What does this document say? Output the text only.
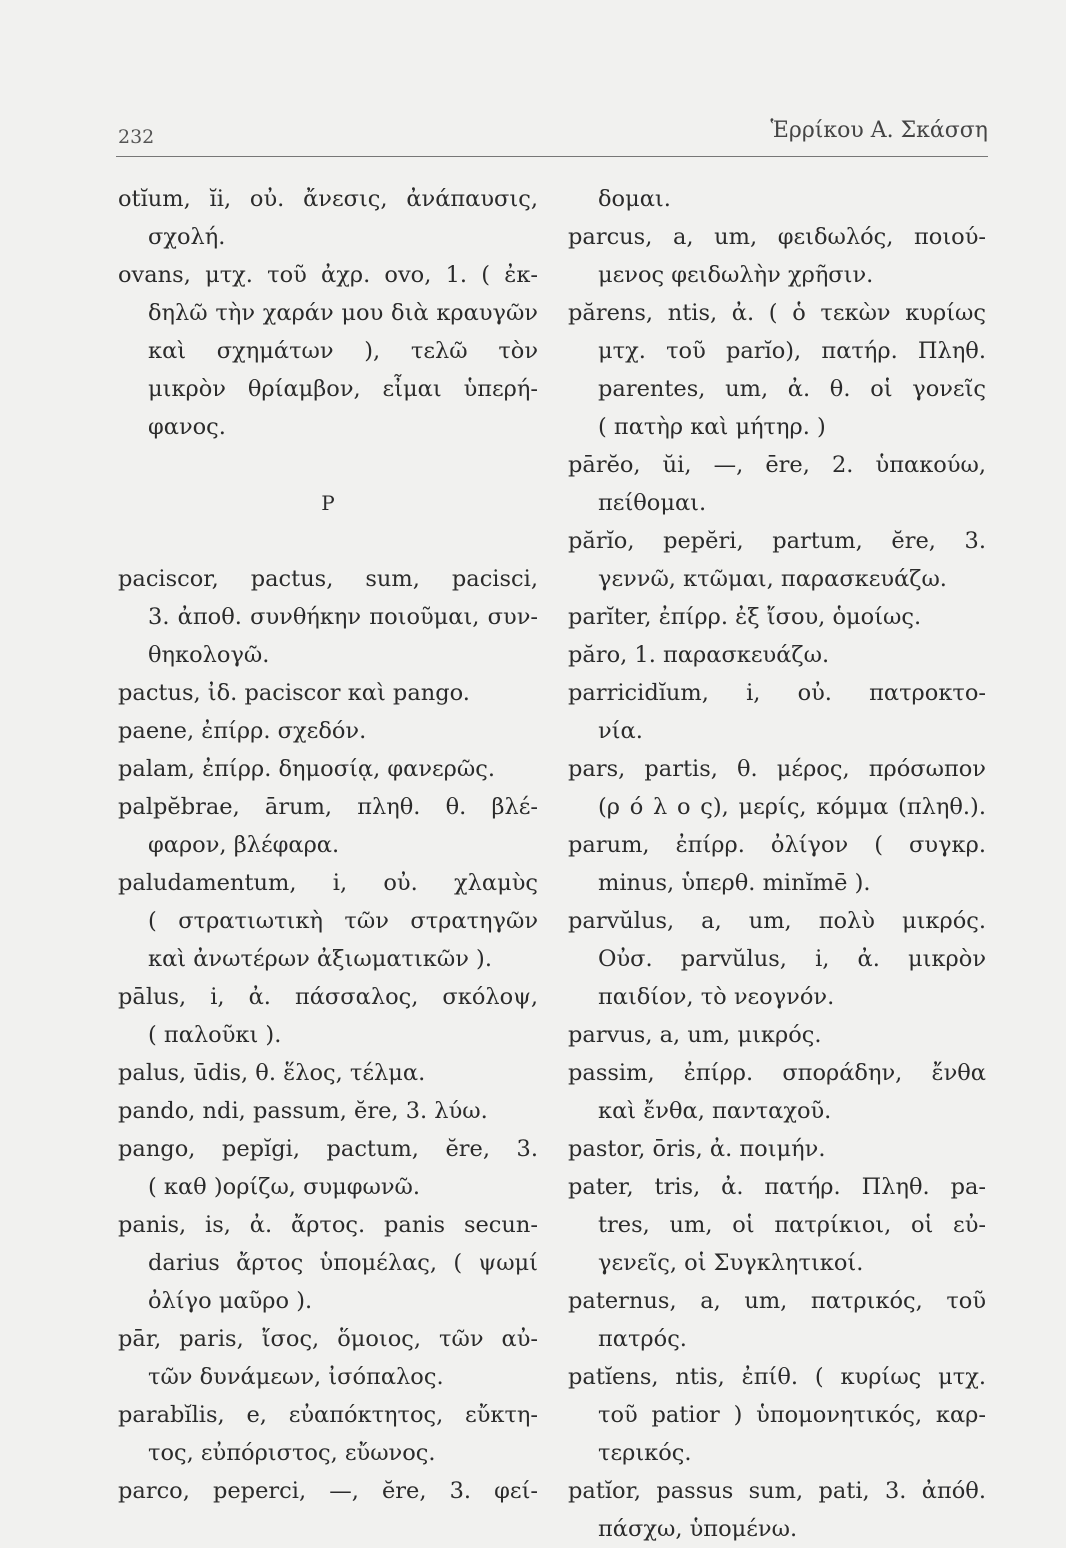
232	Ἑρρίκου Α. Σκάσση
otĭum, ĭi, οὐ. ἄνεσις, ἀνάπαυσις,
σχολή.
ovans, μτχ. τοῦ ἀχρ. ovo, 1. ( ἐκ-
δηλῶ τὴν χαράν μου διὰ κραυγῶν
καὶ σχημάτων ), τελῶ τὸν
μικρὸν θρίαμβον, εἶμαι ὑπερή-
φανος.
P
paciscor, pactus, sum, pacisci,
3. ἀποθ. συνθήκην ποιοῦμαι, συν-
θηκολογῶ.
pactus, ἰδ. paciscor καὶ pango.
paene, ἐπίρρ. σχεδόν.
palam, ἐπίρρ. δημοσίᾳ, φανερῶς.
palpĕbrae, ārum, πληθ. θ. βλέ-
φαρον, βλέφαρα.
paludamentum, i, οὐ. χλαμὺς
( στρατιωτικὴ τῶν στρατηγῶν
καὶ ἀνωτέρων ἀξιωματικῶν ).
pālus, i, ἀ. πάσσαλος, σκόλοψ,
( παλοῦκι ).
palus, ūdis, θ. ἕλος, τέλμα.
pando, ndi, passum, ĕre, 3. λύω.
pango, pepĭgi, pactum, ĕre, 3.
( καθ )ορίζω, συμφωνῶ.
panis, is, ἀ. ἄρτος. panis secun-
darius ἄρτος ὑπομέλας, ( ψωμί
ὀλίγο μαῦρο ).
pār, paris, ἴσος, ὅμοιος, τῶν αὐ-
τῶν δυνάμεων, ἰσόπαλος.
parabĭlis, e, εὐαπόκτητος, εὔκτη-
τος, εὐπόριστος, εὔωνος.
parco, peperci, —, ĕre, 3. φεί-
δομαι.
parcus, a, um, φειδωλός, ποιού-
μενος φειδωλὴν χρῆσιν.
părens, ntis, ἀ. ( ὁ τεκὼν κυρίως
μτχ. τοῦ parĭo), πατήρ. Πληθ.
parentes, um, ἀ. θ. οἱ γονεῖς
( πατὴρ καὶ μήτηρ. )
pārĕo, ŭi, —, ēre, 2. ὑπακούω,
πείθομαι.
părĭo, pepĕri, partum, ĕre, 3.
γεννῶ, κτῶμαι, παρασκευάζω.
parĭter, ἐπίρρ. ἐξ ἴσου, ὁμοίως.
păro, 1. παρασκευάζω.
parricidĭum, i, οὐ. πατροκτο-
νία.
pars, partis, θ. μέρος, πρόσωπον
(ρ ό λ ο ς), μερίς, κόμμα (πληθ.).
parum, ἐπίρρ. ὀλίγον ( συγκρ.
minus, ὑπερθ. minĭmē ).
parvŭlus, a, um, πολὺ μικρός.
Οὐσ. parvŭlus, i, ἀ. μικρὸν
παιδίον, τὸ νεογνόν.
parvus, a, um, μικρός.
passim, ἐπίρρ. σποράδην, ἔνθα
καὶ ἔνθα, πανταχοῦ.
pastor, ōris, ἀ. ποιμήν.
pater, tris, ἀ. πατήρ. Πληθ. pa-
tres, um, οἱ πατρίκιοι, οἱ εὐ-
γενεῖς, οἱ Συγκλητικοί.
paternus, a, um, πατρικός, τοῦ
πατρός.
patĭens, ntis, ἐπίθ. ( κυρίως μτχ.
τοῦ patior ) ὑπομονητικός, καρ-
τερικός.
patĭor, passus sum, pati, 3. ἀπόθ.
πάσχω, ὑπομένω.
